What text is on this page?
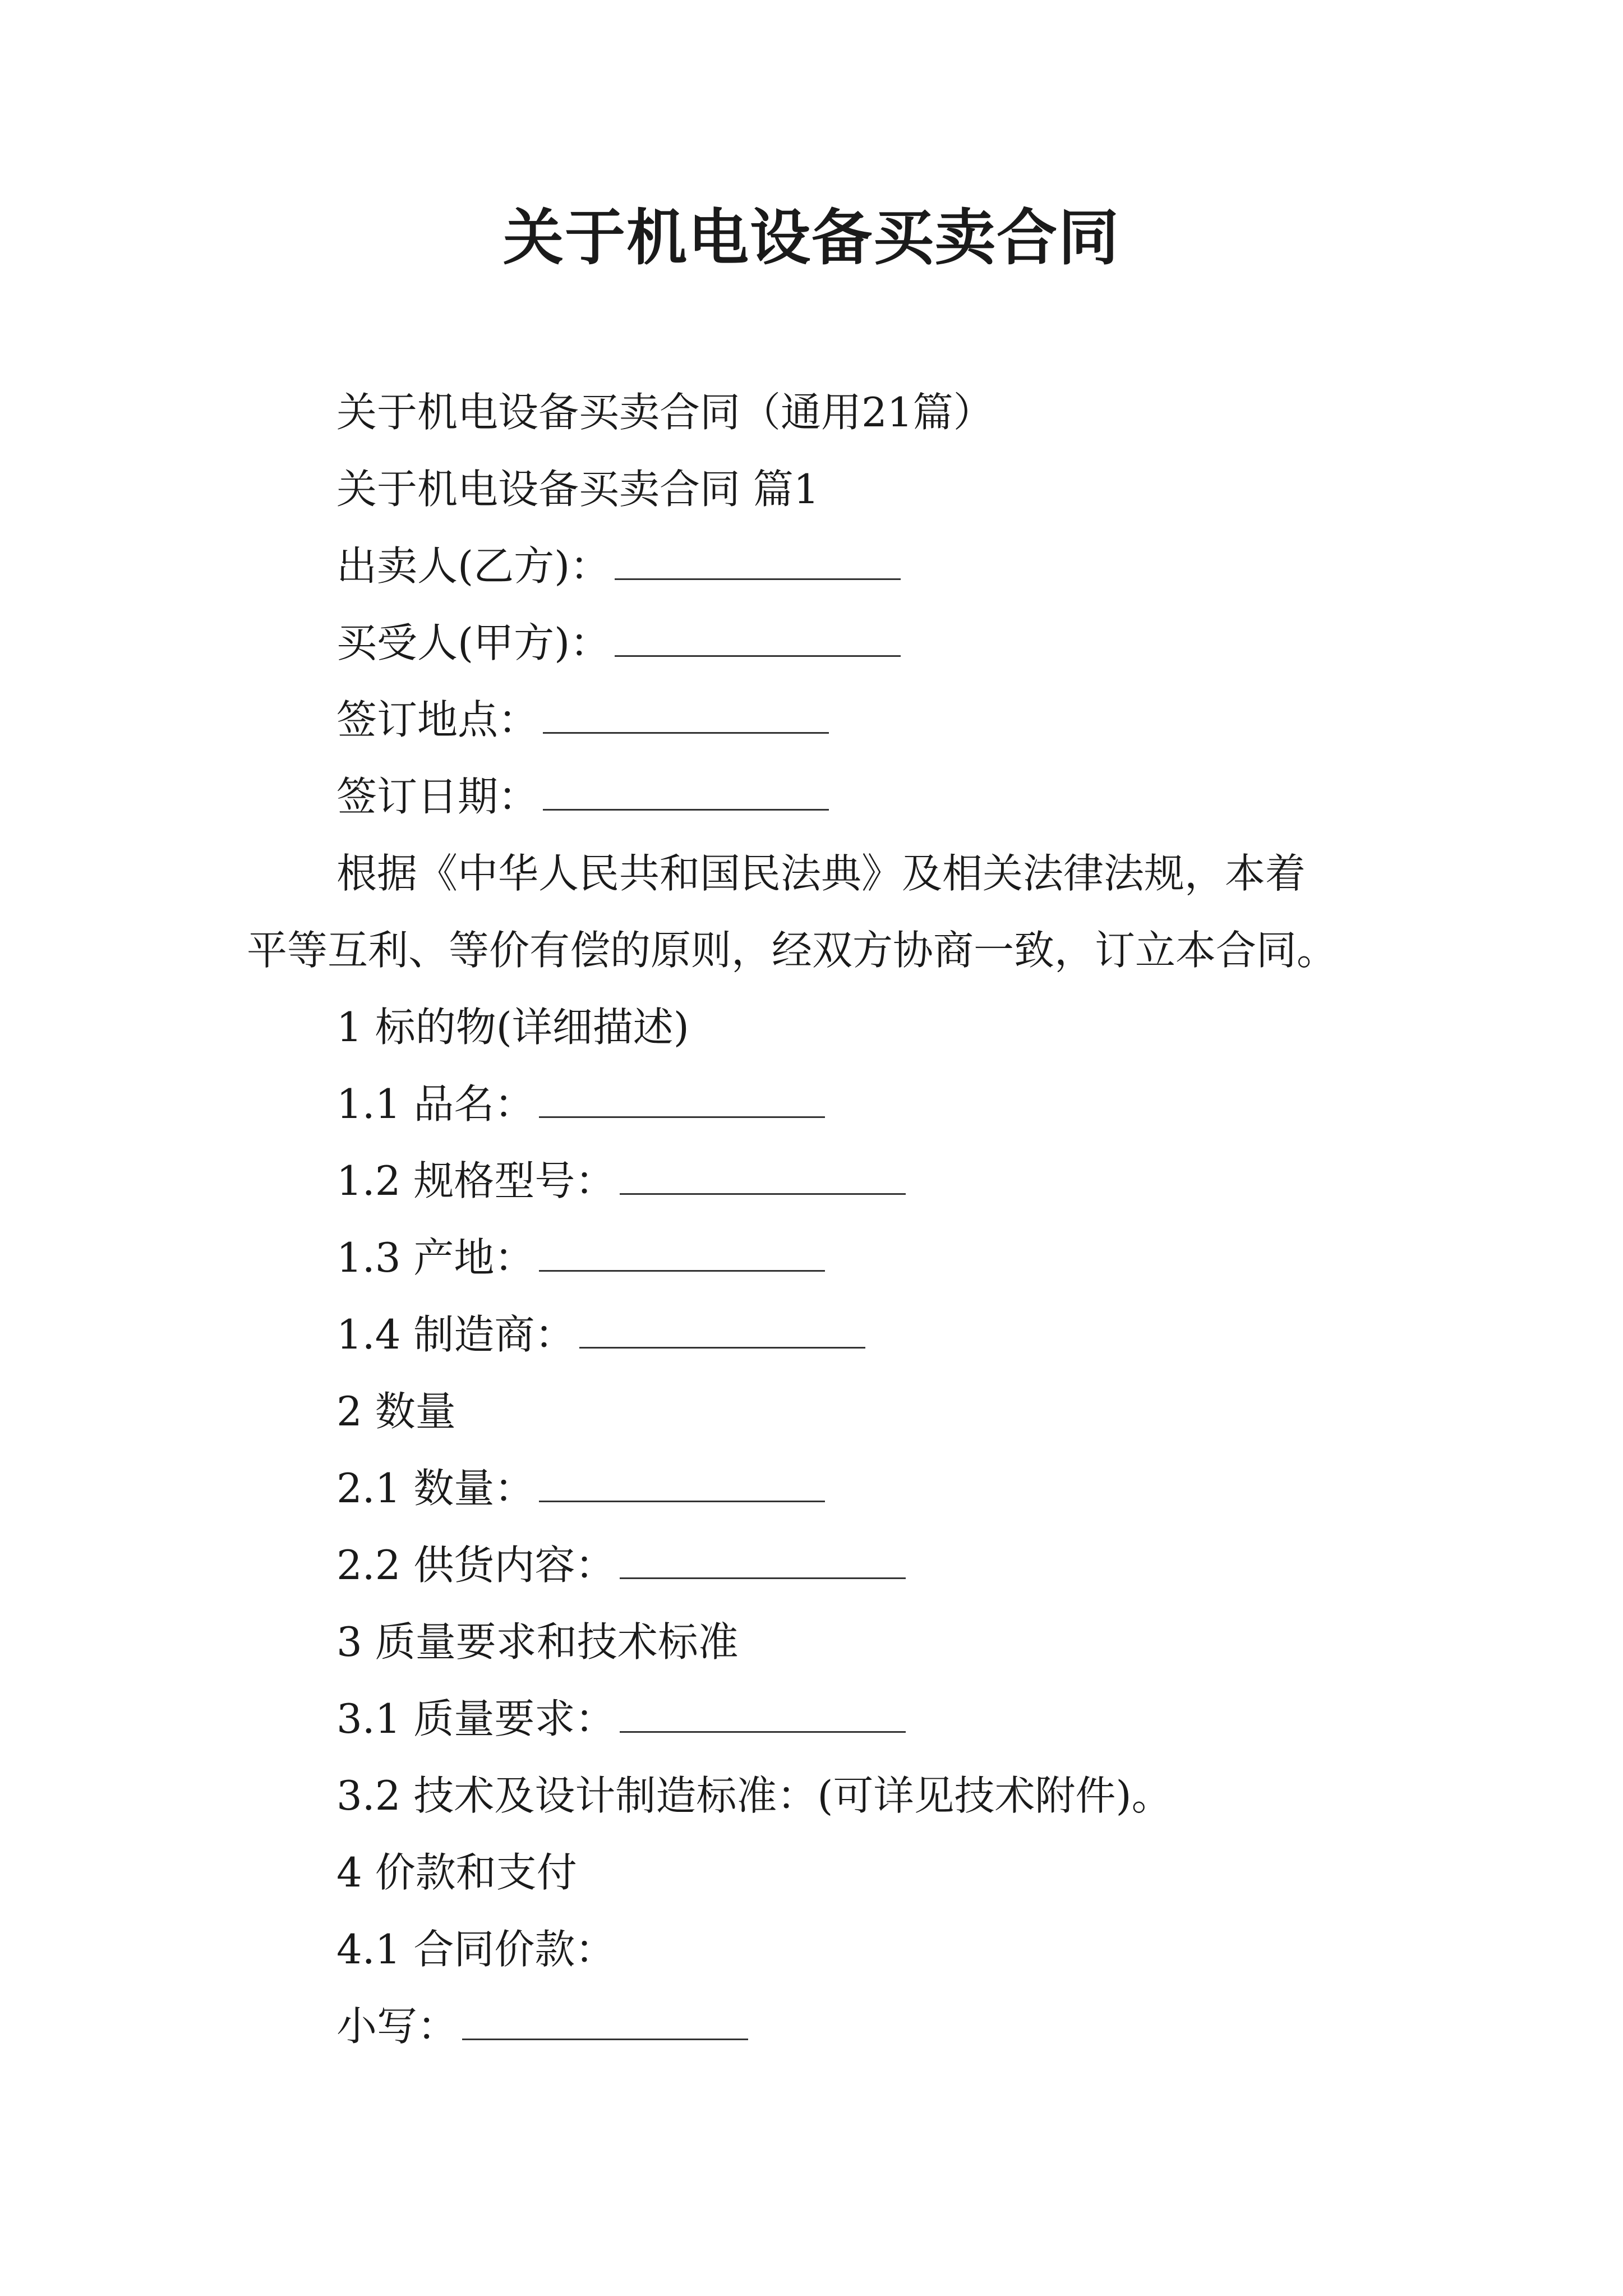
关于机电设备买卖合同

关于机电设备买卖合同（通用21篇）

关于机电设备买卖合同 篇1

出卖人(乙方)：

买受人(甲方)：

签订地点：

签订日期：

根据《中华人民共和国民法典》及相关法律法规，本着
平等互利、等价有偿的原则，经双方协商一致，订立本合同。

1 标的物(详细描述)

1.1 品名：

1.2 规格型号：

1.3 产地：

1.4 制造商：

2 数量

2.1 数量：

2.2 供货内容：

3 质量要求和技术标准

3.1 质量要求：

3.2 技术及设计制造标准：(可详见技术附件)。

4 价款和支付

4.1 合同价款：

小写：
